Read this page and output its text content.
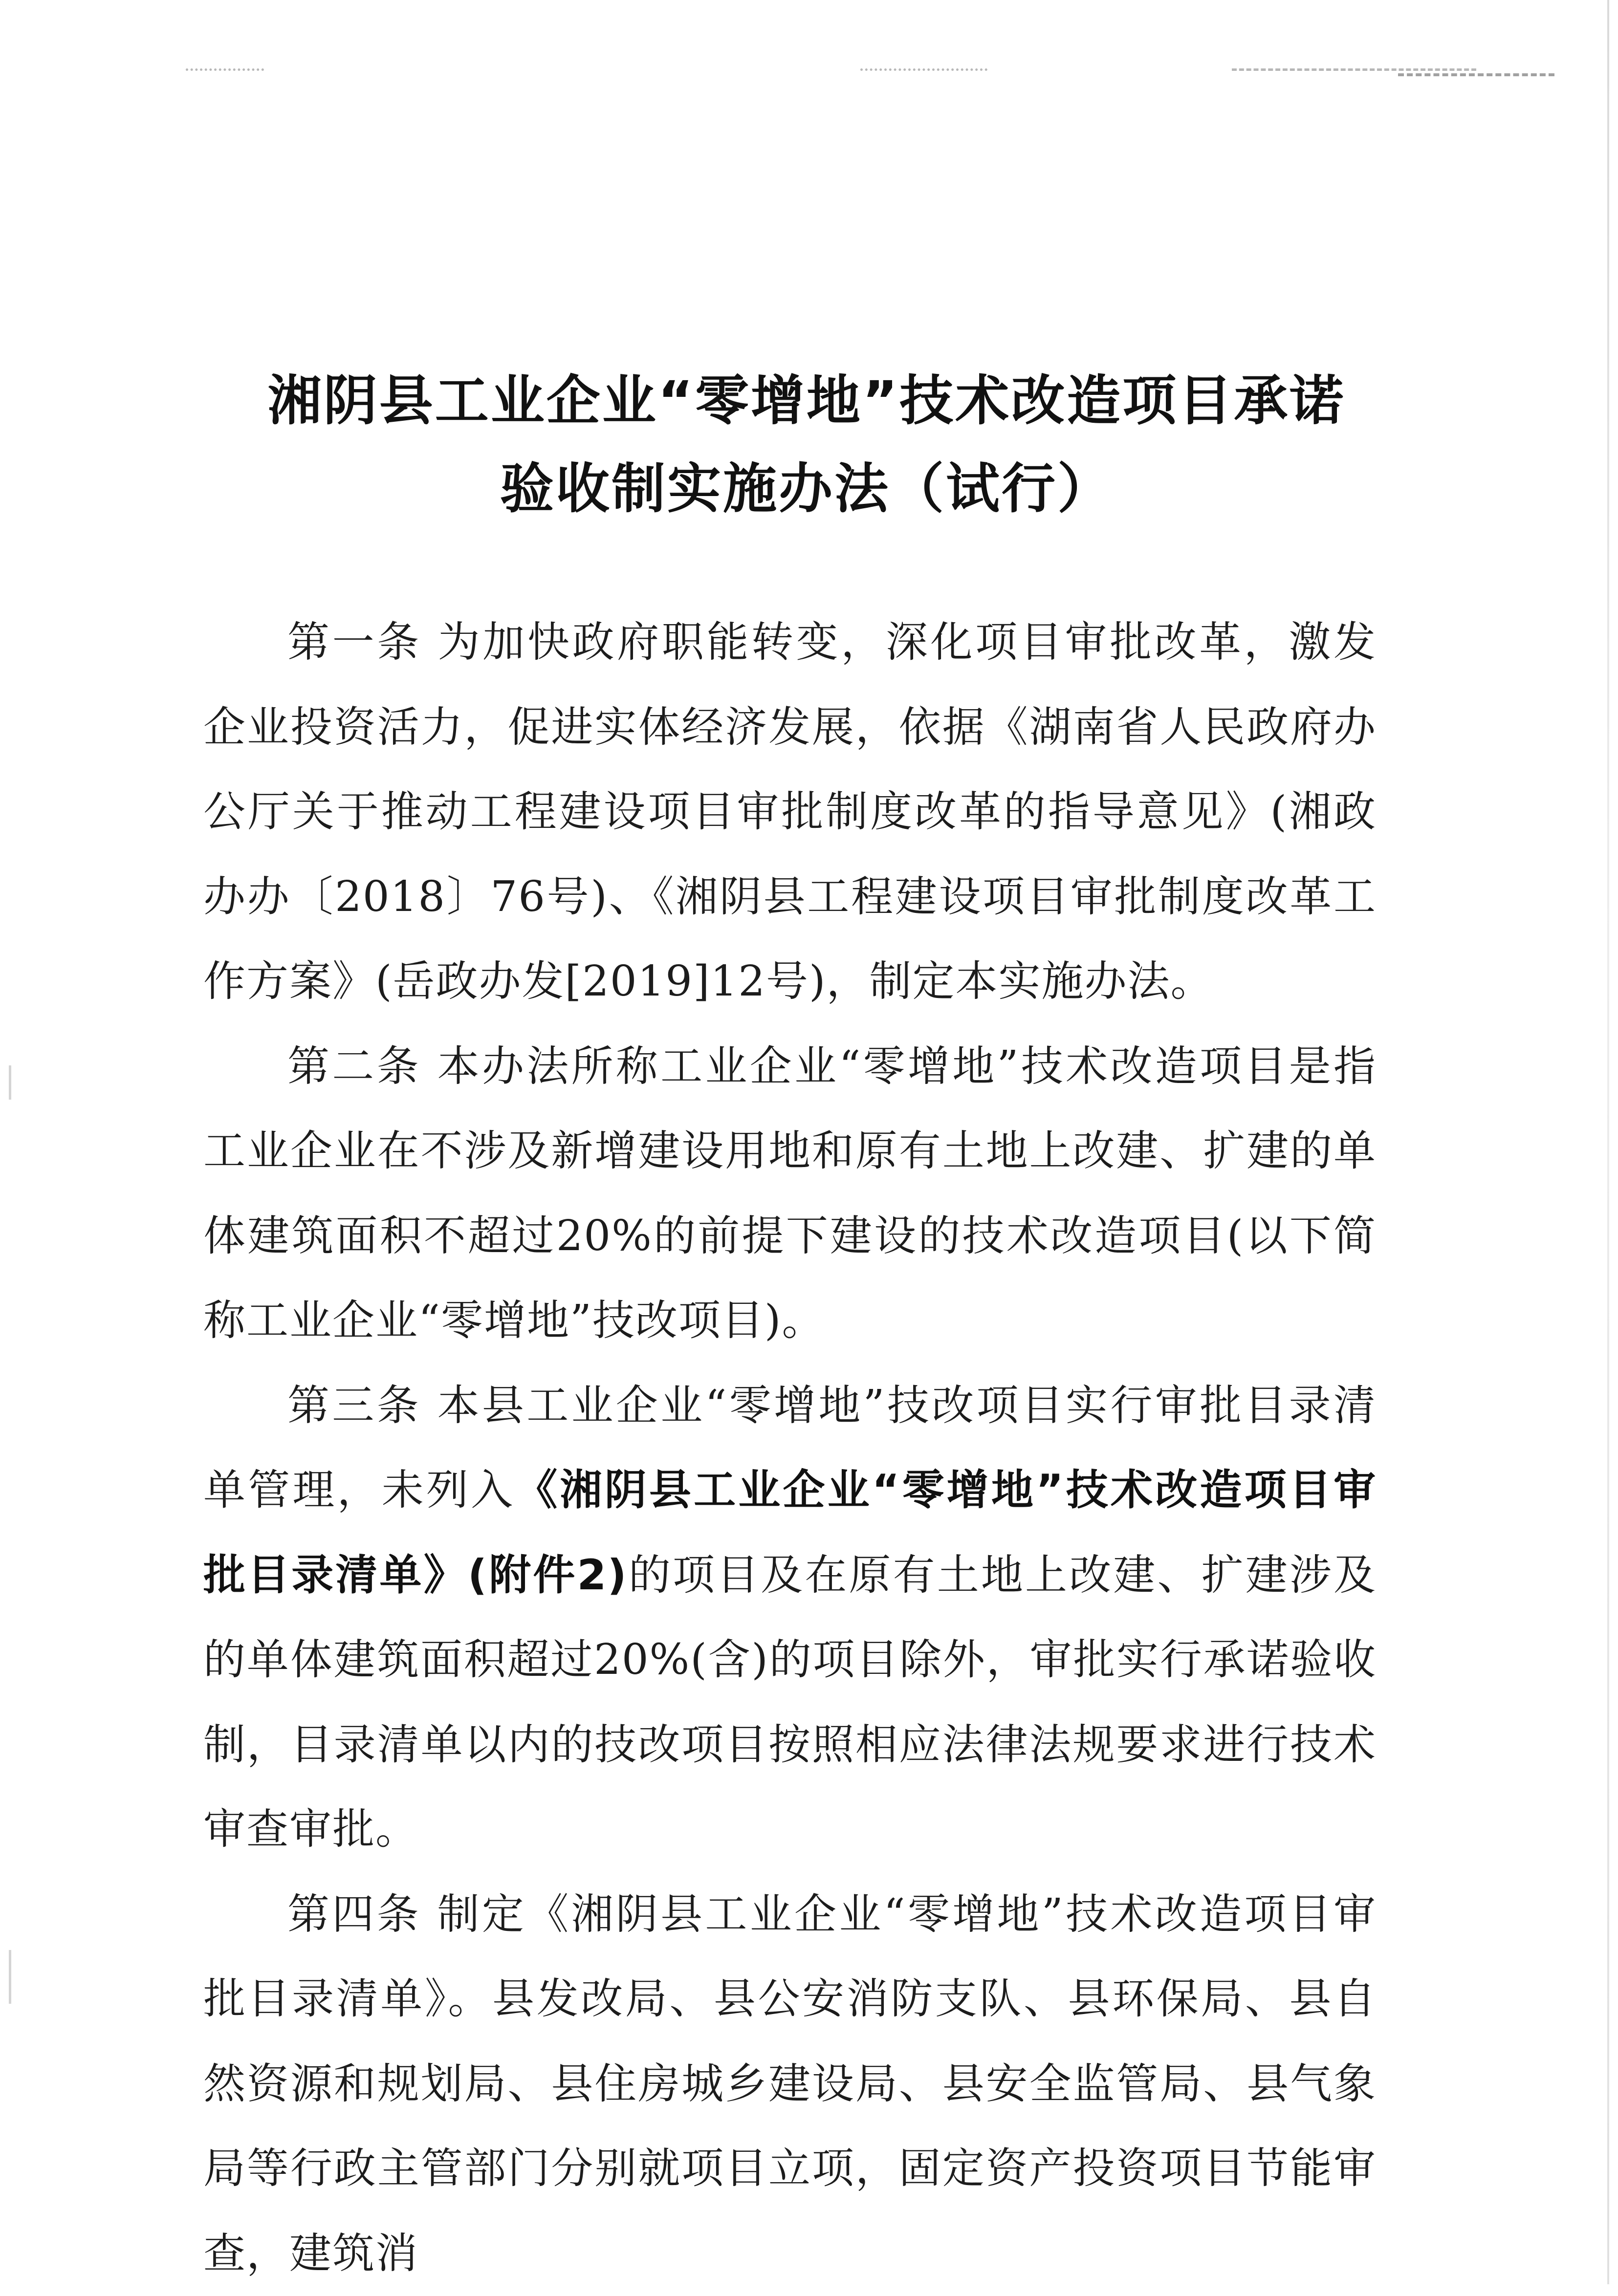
湘阴县工业企业“零增地”技术改造项目承诺
验收制实施办法（试行）

第一条 为加快政府职能转变，深化项目审批改革，激发企业投资活力，促进实体经济发展，依据《湖南省人民政府办公厅关于推动工程建设项目审批制度改革的指导意见》(湘政办办〔2018〕76号)、《湘阴县工程建设项目审批制度改革工作方案》(岳政办发[2019]12号)，制定本实施办法。

第二条 本办法所称工业企业“零增地”技术改造项目是指工业企业在不涉及新增建设用地和原有土地上改建、扩建的单体建筑面积不超过20%的前提下建设的技术改造项目(以下简称工业企业“零增地”技改项目)。

第三条 本县工业企业“零增地”技改项目实行审批目录清单管理，未列入《湘阴县工业企业“零增地”技术改造项目审批目录清单》(附件2)的项目及在原有土地上改建、扩建涉及的单体建筑面积超过20%(含)的项目除外，审批实行承诺验收制，目录清单以内的技改项目按照相应法律法规要求进行技术审查审批。

第四条 制定《湘阴县工业企业“零增地”技术改造项目审批目录清单》。县发改局、县公安消防支队、县环保局、县自然资源和规划局、县住房城乡建设局、县安全监管局、县气象局等行政主管部门分别就项目立项，固定资产投资项目节能审查，建筑消
